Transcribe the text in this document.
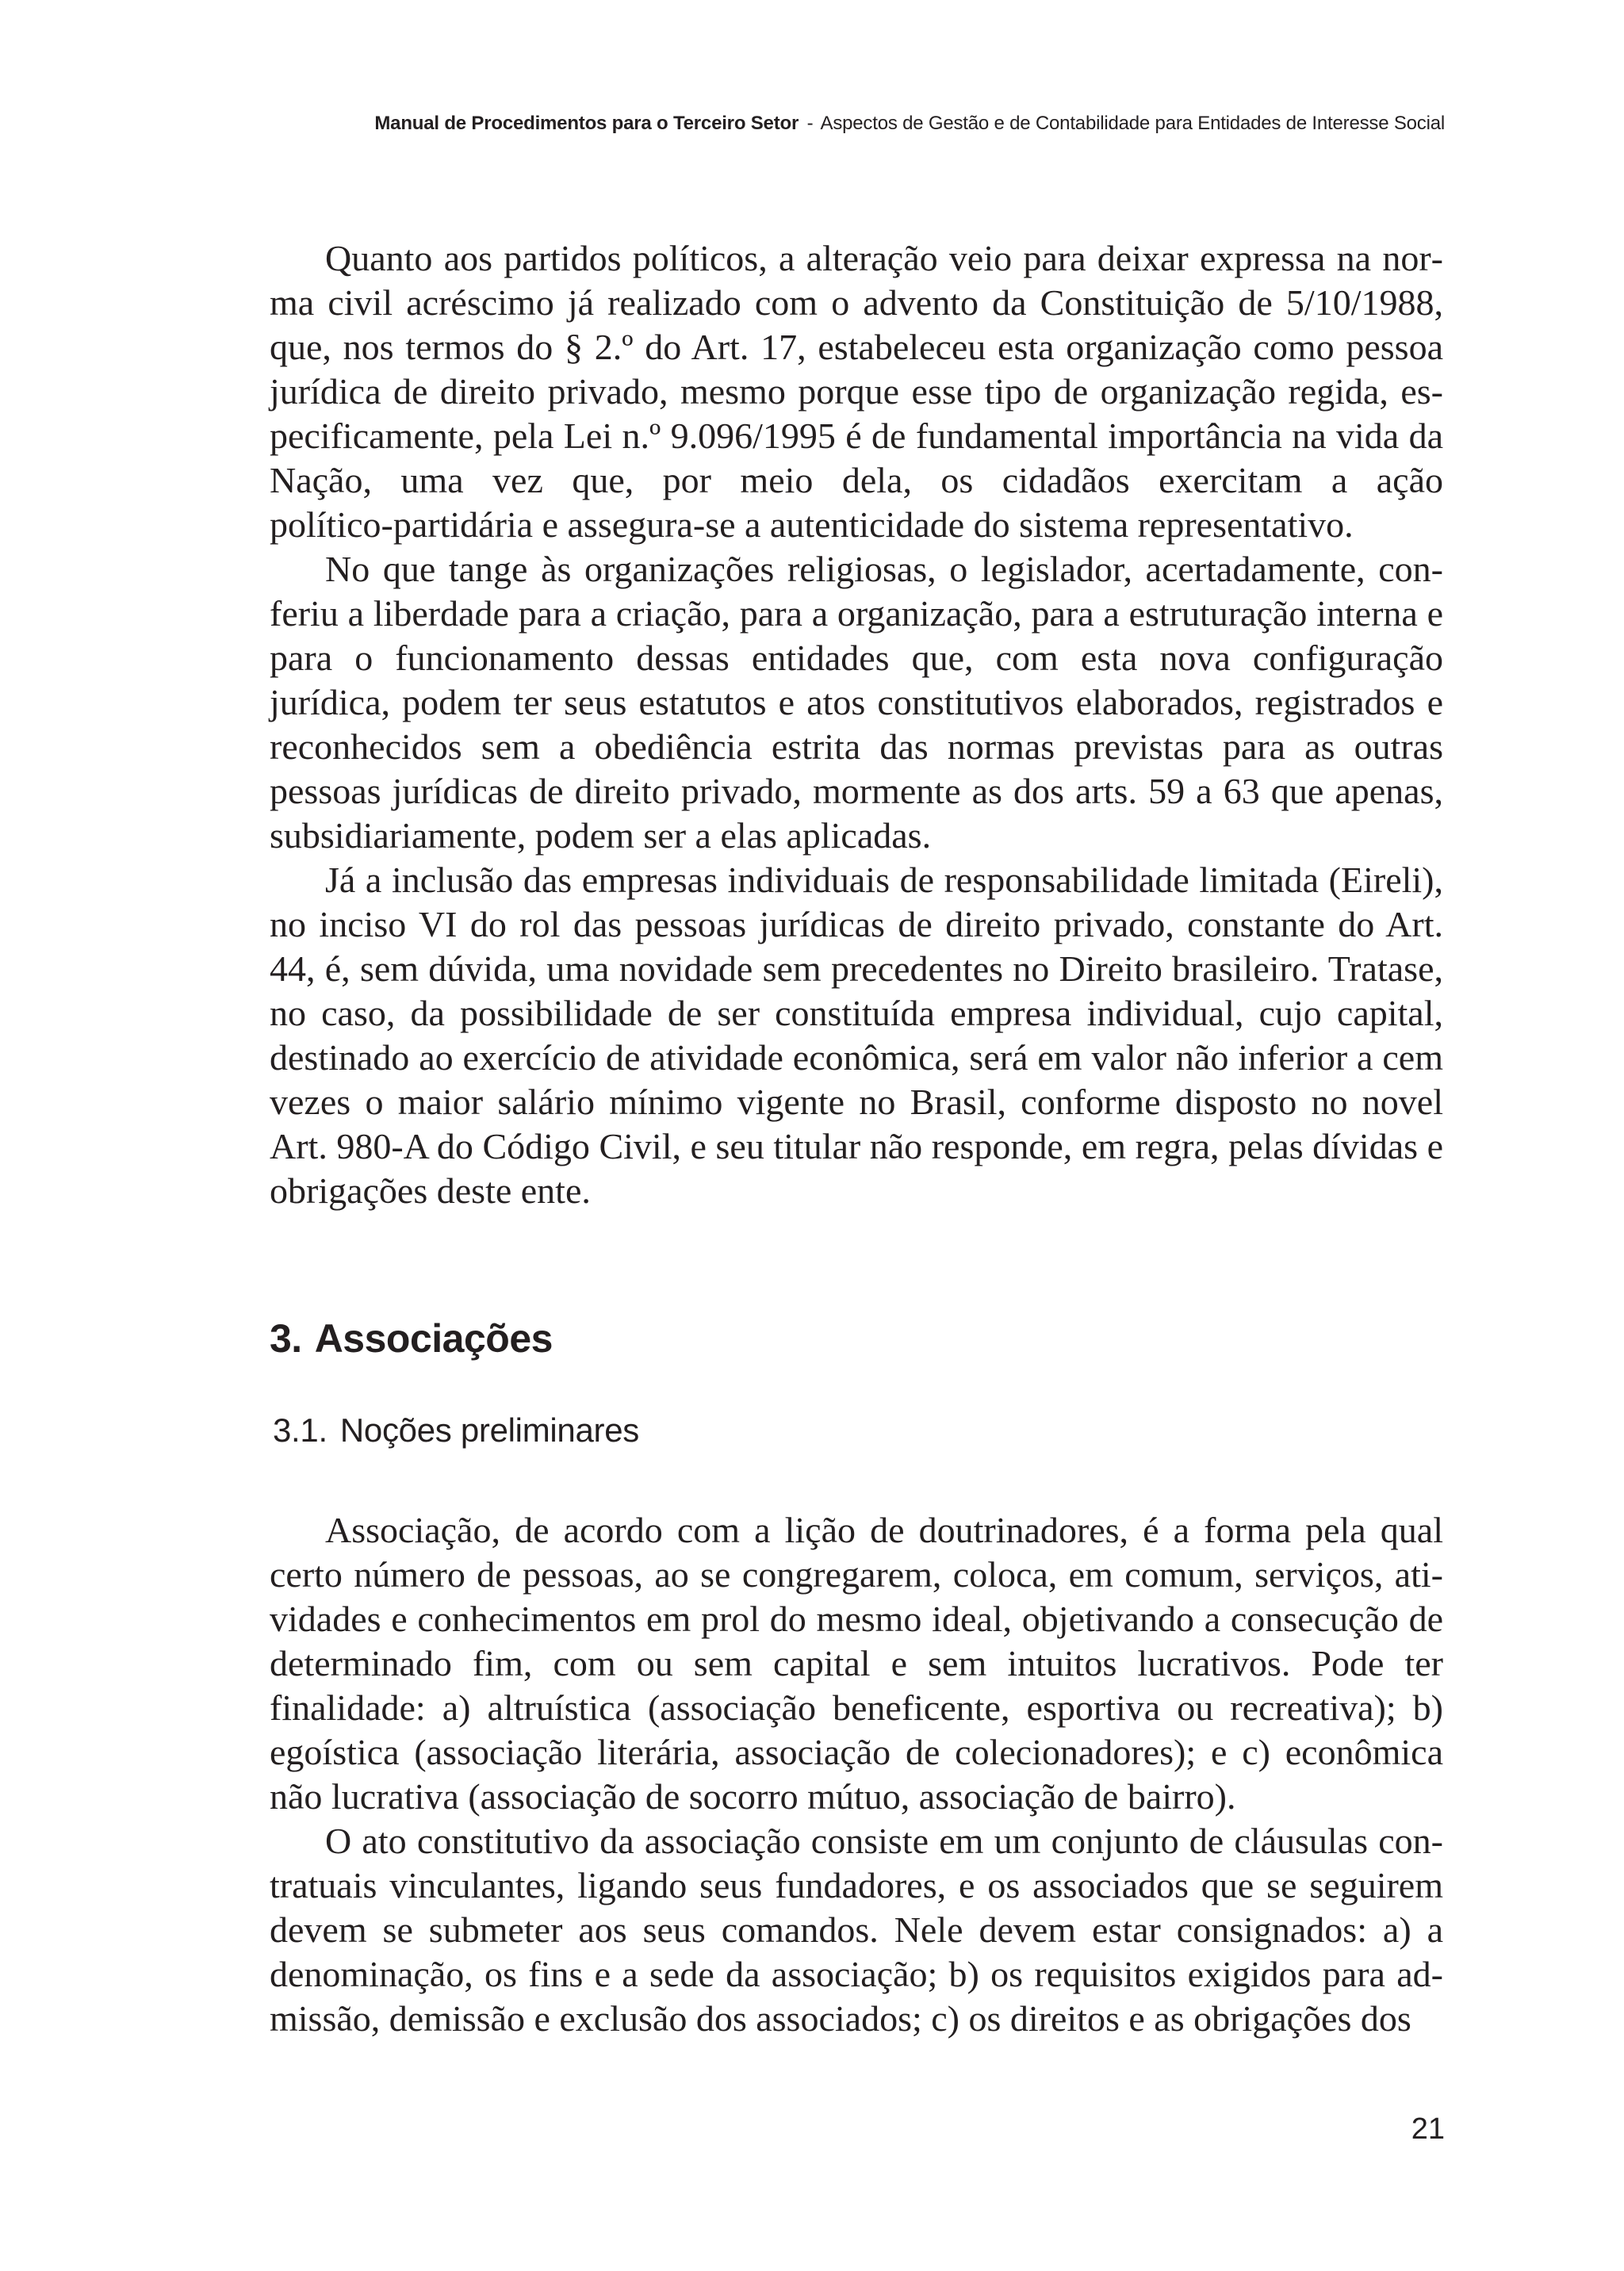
Manual de Procedimentos para o Terceiro Setor - Aspectos de Gestão e de Contabilidade para Entidades de Interesse Social

Quanto aos partidos políticos, a alteração veio para deixar expressa na norma civil acréscimo já realizado com o advento da Constituição de 5/10/1988, que, nos termos do § 2.º do Art. 17, estabeleceu esta organização como pessoa jurídica de direito privado, mesmo porque esse tipo de organização regida, especificamente, pela Lei n.º 9.096/1995 é de fundamental importância na vida da Nação, uma vez que, por meio dela, os cidadãos exercitam a ação político‑partidária e assegura-se a autenticidade do sistema representativo.

No que tange às organizações religiosas, o legislador, acertadamente, conferiu a liberdade para a criação, para a organização, para a estruturação interna e para o funcionamento dessas entidades que, com esta nova configuração jurídica, podem ter seus estatutos e atos constitutivos elaborados, registrados e reconhecidos sem a obediência estrita das normas previstas para as outras pessoas jurídicas de direito privado, mormente as dos arts. 59 a 63 que apenas, subsidiariamente, podem ser a elas aplicadas.

Já a inclusão das empresas individuais de responsabilidade limitada (Eireli), no inciso VI do rol das pessoas jurídicas de direito privado, constante do Art. 44, é, sem dúvida, uma novidade sem precedentes no Direito brasileiro. Tratase, no caso, da possibilidade de ser constituída empresa individual, cujo capital, destinado ao exercício de atividade econômica, será em valor não inferior a cem vezes o maior salário mínimo vigente no Brasil, conforme disposto no novel Art. 980-A do Código Civil, e seu titular não responde, em regra, pelas dívidas e obrigações deste ente.

3. Associações
3.1. Noções preliminares

Associação, de acordo com a lição de doutrinadores, é a forma pela qual certo número de pessoas, ao se congregarem, coloca, em comum, serviços, atividades e conhecimentos em prol do mesmo ideal, objetivando a consecução de determinado fim, com ou sem capital e sem intuitos lucrativos. Pode ter finalidade: a) altruística (associação beneficente, esportiva ou recreativa); b) egoística (associação literária, associação de colecionadores); e c) econômica não lucrativa (associação de socorro mútuo, associação de bairro).

O ato constitutivo da associação consiste em um conjunto de cláusulas contratuais vinculantes, ligando seus fundadores, e os associados que se seguirem devem se submeter aos seus comandos. Nele devem estar consignados: a) a denominação, os fins e a sede da associação; b) os requisitos exigidos para admissão, demissão e exclusão dos associados; c) os direitos e as obrigações dos

21
